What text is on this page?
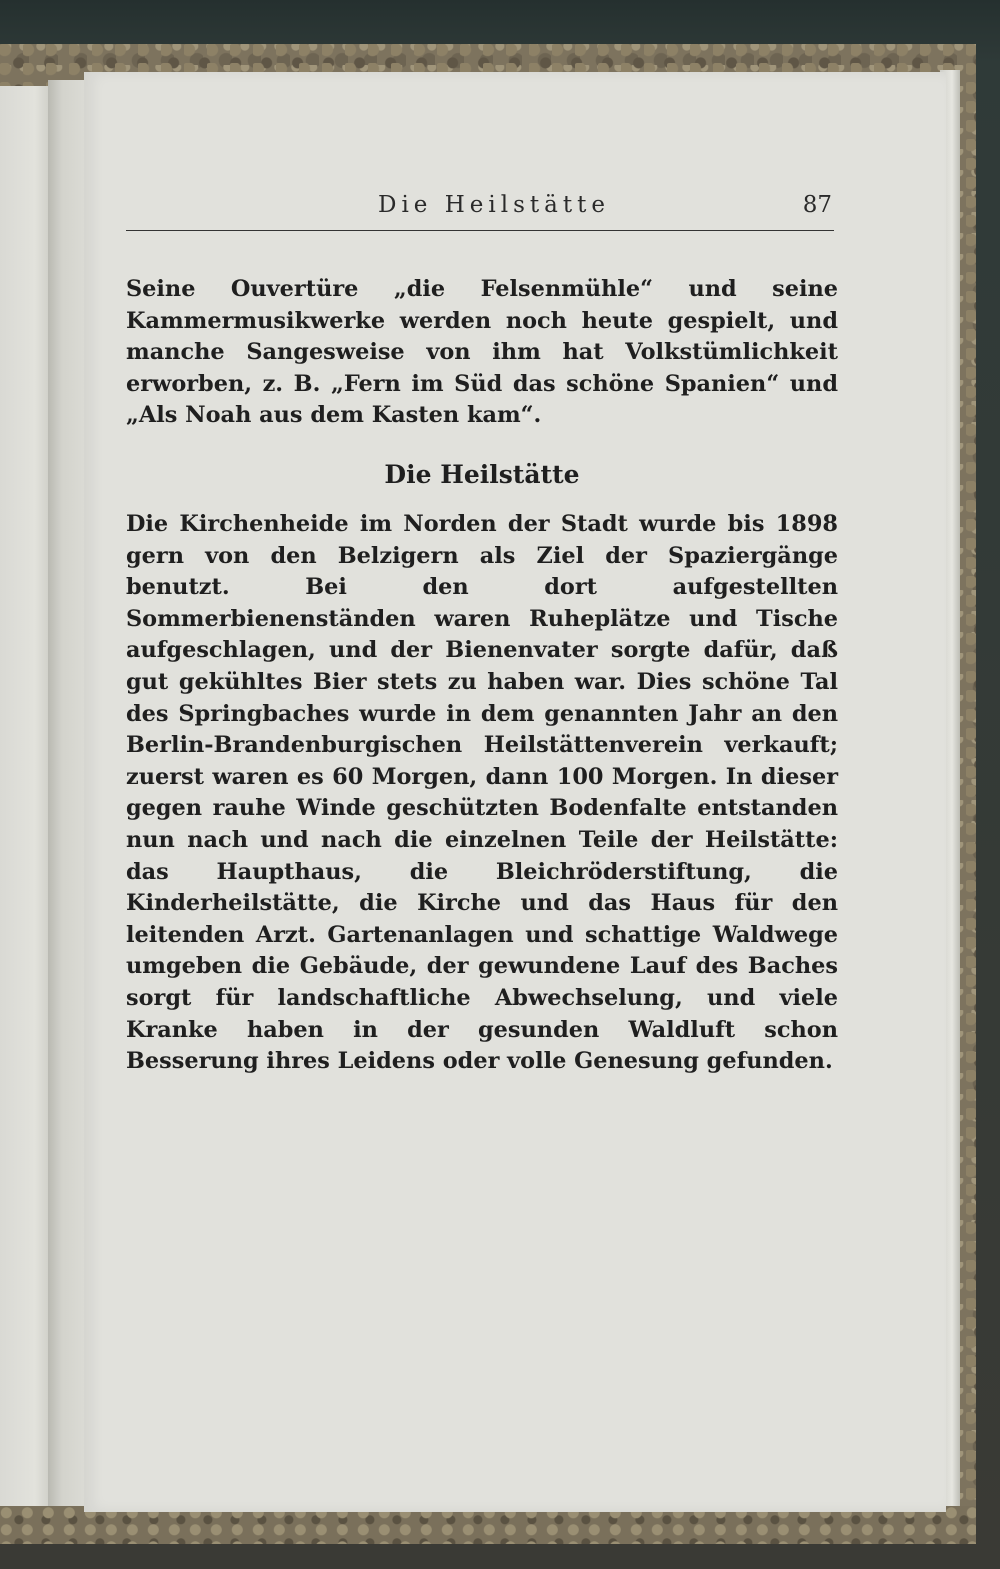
Die Heilstätte	87

Seine Ouvertüre „die Felsenmühle“ und seine Kammermusikwerke werden noch heute gespielt, und manche Sangesweise von ihm hat Volkstümlichkeit erworben, z. B. „Fern im Süd das schöne Spanien“ und „Als Noah aus dem Kasten kam“.

Die Heilstätte

Die Kirchenheide im Norden der Stadt wurde bis 1898 gern von den Belzigern als Ziel der Spaziergänge benutzt. Bei den dort aufgestellten Sommerbienenständen waren Ruheplätze und Tische aufgeschlagen, und der Bienenvater sorgte dafür, daß gut gekühltes Bier stets zu haben war. Dies schöne Tal des Springbaches wurde in dem genannten Jahr an den Berlin-Brandenburgischen Heilstättenverein verkauft; zuerst waren es 60 Morgen, dann 100 Morgen. In dieser gegen rauhe Winde geschützten Bodenfalte entstanden nun nach und nach die einzelnen Teile der Heilstätte: das Haupthaus, die Bleichröderstiftung, die Kinderheilstätte, die Kirche und das Haus für den leitenden Arzt. Gartenanlagen und schattige Waldwege umgeben die Gebäude, der gewundene Lauf des Baches sorgt für landschaftliche Abwechselung, und viele Kranke haben in der gesunden Waldluft schon Besserung ihres Leidens oder volle Genesung gefunden.
